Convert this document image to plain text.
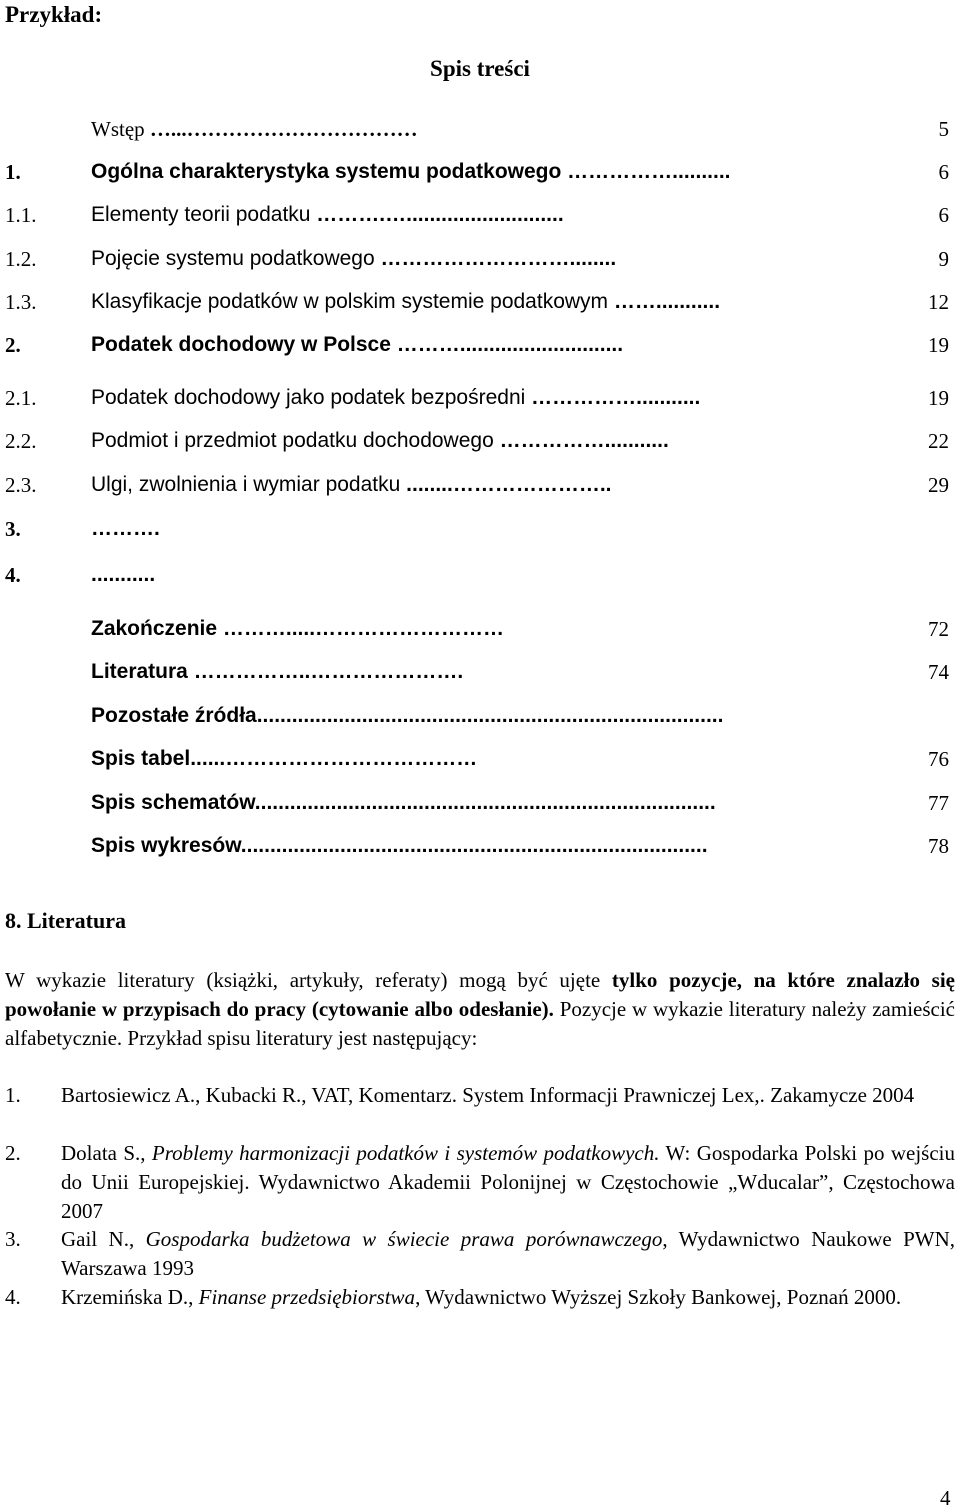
Przykład:
Spis treści
Wstęp …...……………………………	5
1.	Ogólna charakterystyka systemu podatkowego ……………..........	6
1.1.	Elementy teorii podatku ……….…...........................	6
1.2.	Pojęcie systemu podatkowego ………………………........	9
1.3.	Klasyfikacje podatków w polskim systemie podatkowym ……...........	12
2.	Podatek dochodowy w Polsce ………............................	19
2.1.	Podatek dochodowy jako podatek bezpośredni ……………...........	19
2.2.	Podmiot i przedmiot podatku dochodowego ……………...........	22
2.3.	Ulgi, zwolnienia i wymiar podatku ........…………………..	29
3.	……….
4.	...........
Zakończenie ……….....………………………	72
Literatura ……………..………………….	74
Pozostałe źródła................................................................................
Spis tabel......………………………………	76
Spis schematów...............................................................................	77
Spis wykresów................................................................................	78
8. Literatura
W wykazie literatury (książki, artykuły, referaty) mogą być ujęte tylko pozycje, na które znalazło się powołanie w przypisach do pracy (cytowanie albo odesłanie). Pozycje w wykazie literatury należy zamieścić alfabetycznie. Przykład spisu literatury jest następujący:
1. Bartosiewicz A., Kubacki R., VAT, Komentarz. System Informacji Prawniczej Lex,. Zakamycze 2004
2. Dolata S., Problemy harmonizacji podatków i systemów podatkowych. W: Gospodarka Polski po wejściu do Unii Europejskiej. Wydawnictwo Akademii Polonijnej w Częstochowie „Wducalar”, Częstochowa 2007
3. Gail N., Gospodarka budżetowa w świecie prawa porównawczego, Wydawnictwo Naukowe PWN, Warszawa 1993
4. Krzemińska D., Finanse przedsiębiorstwa, Wydawnictwo Wyższej Szkoły Bankowej, Poznań 2000.
4
